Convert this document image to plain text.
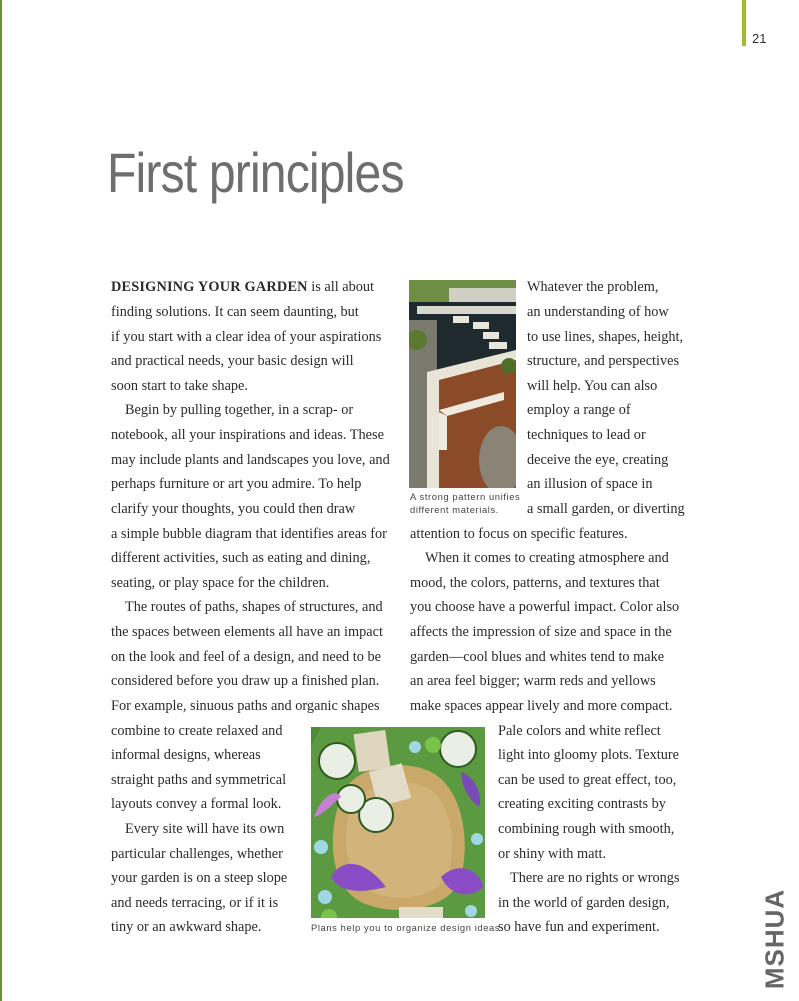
21
First principles
DESIGNING YOUR GARDEN is all about
finding solutions. It can seem daunting, but
if you start with a clear idea of your aspirations
and practical needs, your basic design will
soon start to take shape.
Begin by pulling together, in a scrap- or
notebook, all your inspirations and ideas. These
may include plants and landscapes you love, and
perhaps furniture or art you admire. To help
clarify your thoughts, you could then draw
a simple bubble diagram that identifies areas for
different activities, such as eating and dining,
seating, or play space for the children.
The routes of paths, shapes of structures, and
the spaces between elements all have an impact
on the look and feel of a design, and need to be
considered before you draw up a finished plan.
For example, sinuous paths and organic shapes
combine to create relaxed and
informal designs, whereas
straight paths and symmetrical
layouts convey a formal look.
Every site will have its own
particular challenges, whether
your garden is on a steep slope
and needs terracing, or if it is
tiny or an awkward shape.
A strong pattern unifies
different materials.
Whatever the problem,
an understanding of how
to use lines, shapes, height,
structure, and perspectives
will help. You can also
employ a range of
techniques to lead or
deceive the eye, creating
an illusion of space in
a small garden, or diverting
attention to focus on specific features.
When it comes to creating atmosphere and
mood, the colors, patterns, and textures that
you choose have a powerful impact. Color also
affects the impression of size and space in the
garden—cool blues and whites tend to make
an area feel bigger; warm reds and yellows
make spaces appear lively and more compact.
Pale colors and white reflect
light into gloomy plots. Texture
can be used to great effect, too,
creating exciting contrasts by
combining rough with smooth,
or shiny with matt.
There are no rights or wrongs
in the world of garden design,
so have fun and experiment.
Plans help you to organize design ideas.	MSHUA
